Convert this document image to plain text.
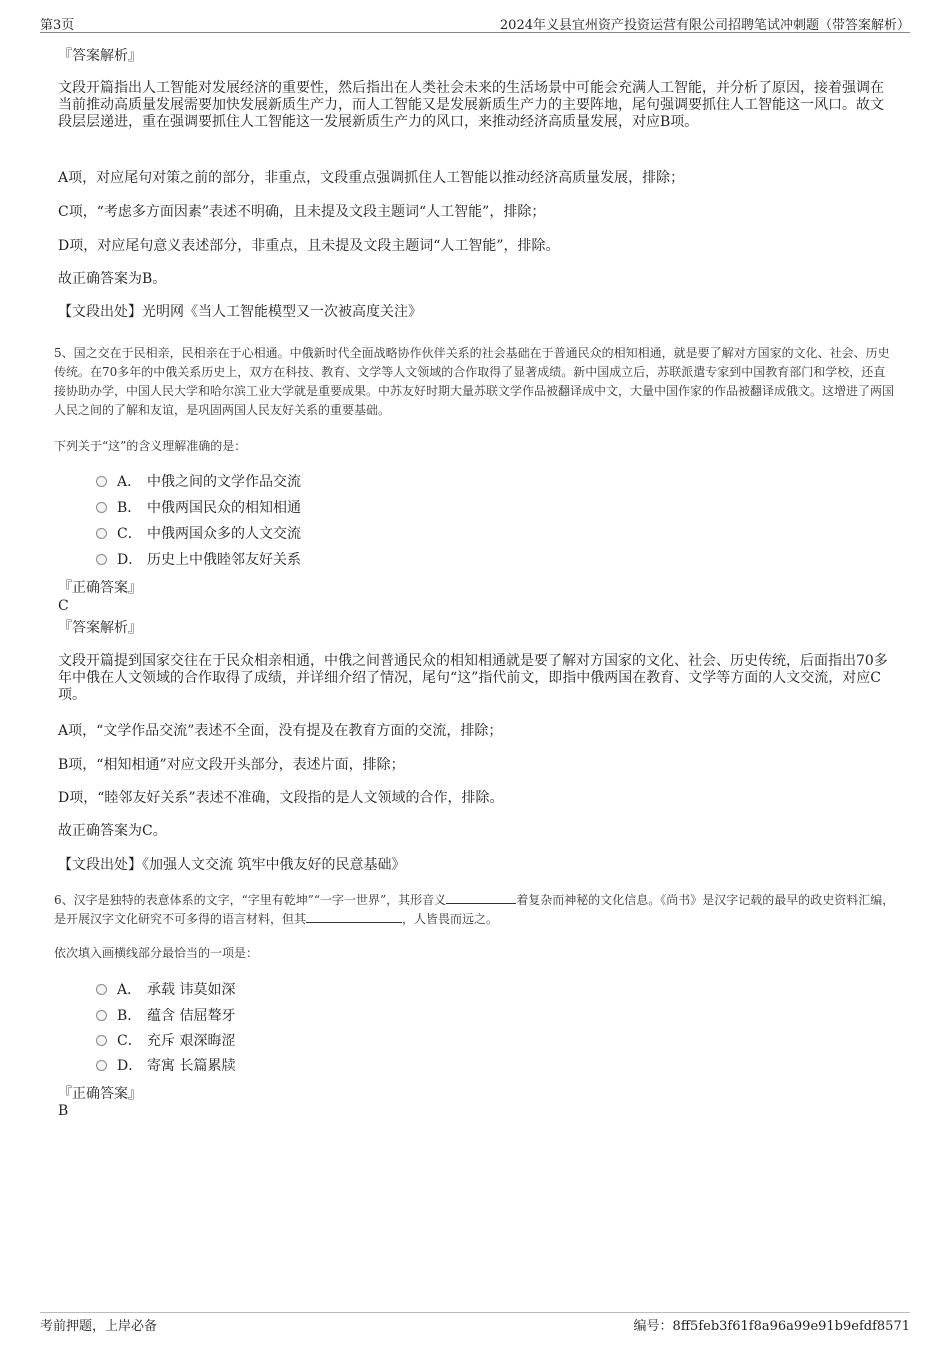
第3页	2024年义县宜州资产投资运营有限公司招聘笔试冲刺题（带答案解析）
『答案解析』
文段开篇指出人工智能对发展经济的重要性，然后指出在人类社会未来的生活场景中可能会充满人工智能，并分析了原因，接着强调在当前推动高质量发展需要加快发展新质生产力，而人工智能又是发展新质生产力的主要阵地，尾句强调要抓住人工智能这一风口。故文段层层递进，重在强调要抓住人工智能这一发展新质生产力的风口，来推动经济高质量发展，对应B项。
A项，对应尾句对策之前的部分，非重点，文段重点强调抓住人工智能以推动经济高质量发展，排除；
C项，“考虑多方面因素”表述不明确，且未提及文段主题词“人工智能”，排除；
D项，对应尾句意义表述部分，非重点，且未提及文段主题词“人工智能”，排除。
故正确答案为B。
【文段出处】光明网《当人工智能模型又一次被高度关注》
5、国之交在于民相亲，民相亲在于心相通。中俄新时代全面战略协作伙伴关系的社会基础在于普通民众的相知相通，就是要了解对方国家的文化、社会、历史传统。在70多年的中俄关系历史上，双方在科技、教育、文学等人文领域的合作取得了显著成绩。新中国成立后，苏联派遣专家到中国教育部门和学校，还直接协助办学，中国人民大学和哈尔滨工业大学就是重要成果。中苏友好时期大量苏联文学作品被翻译成中文，大量中国作家的作品被翻译成俄文。这增进了两国人民之间的了解和友谊，是巩固两国人民友好关系的重要基础。
下列关于“这”的含义理解准确的是：
A． 中俄之间的文学作品交流
B． 中俄两国民众的相知相通
C． 中俄两国众多的人文交流
D． 历史上中俄睦邻友好关系
『正确答案』
C
『答案解析』
文段开篇提到国家交往在于民众相亲相通，中俄之间普通民众的相知相通就是要了解对方国家的文化、社会、历史传统，后面指出70多年中俄在人文领域的合作取得了成绩，并详细介绍了情况，尾句“这”指代前文，即指中俄两国在教育、文学等方面的人文交流，对应C项。
A项，“文学作品交流”表述不全面，没有提及在教育方面的交流，排除；
B项，“相知相通”对应文段开头部分，表述片面，排除；
D项，“睦邻友好关系”表述不准确，文段指的是人文领域的合作，排除。
故正确答案为C。
【文段出处】《加强人文交流 筑牢中俄友好的民意基础》
6、汉字是独特的表意体系的文字，“字里有乾坤”“一字一世界”，其形音义	着复杂而神秘的文化信息。《尚书》是汉字记载的最早的政史资料汇编，是开展汉字文化研究不可多得的语言材料，但其	，人皆畏而远之。
依次填入画横线部分最恰当的一项是：
A． 承载 讳莫如深
B． 蕴含 佶屈聱牙
C． 充斥 艰深晦涩
D． 寄寓 长篇累牍
『正确答案』
B
考前押题，上岸必备	编号：8ff5feb3f61f8a96a99e91b9efdf8571
